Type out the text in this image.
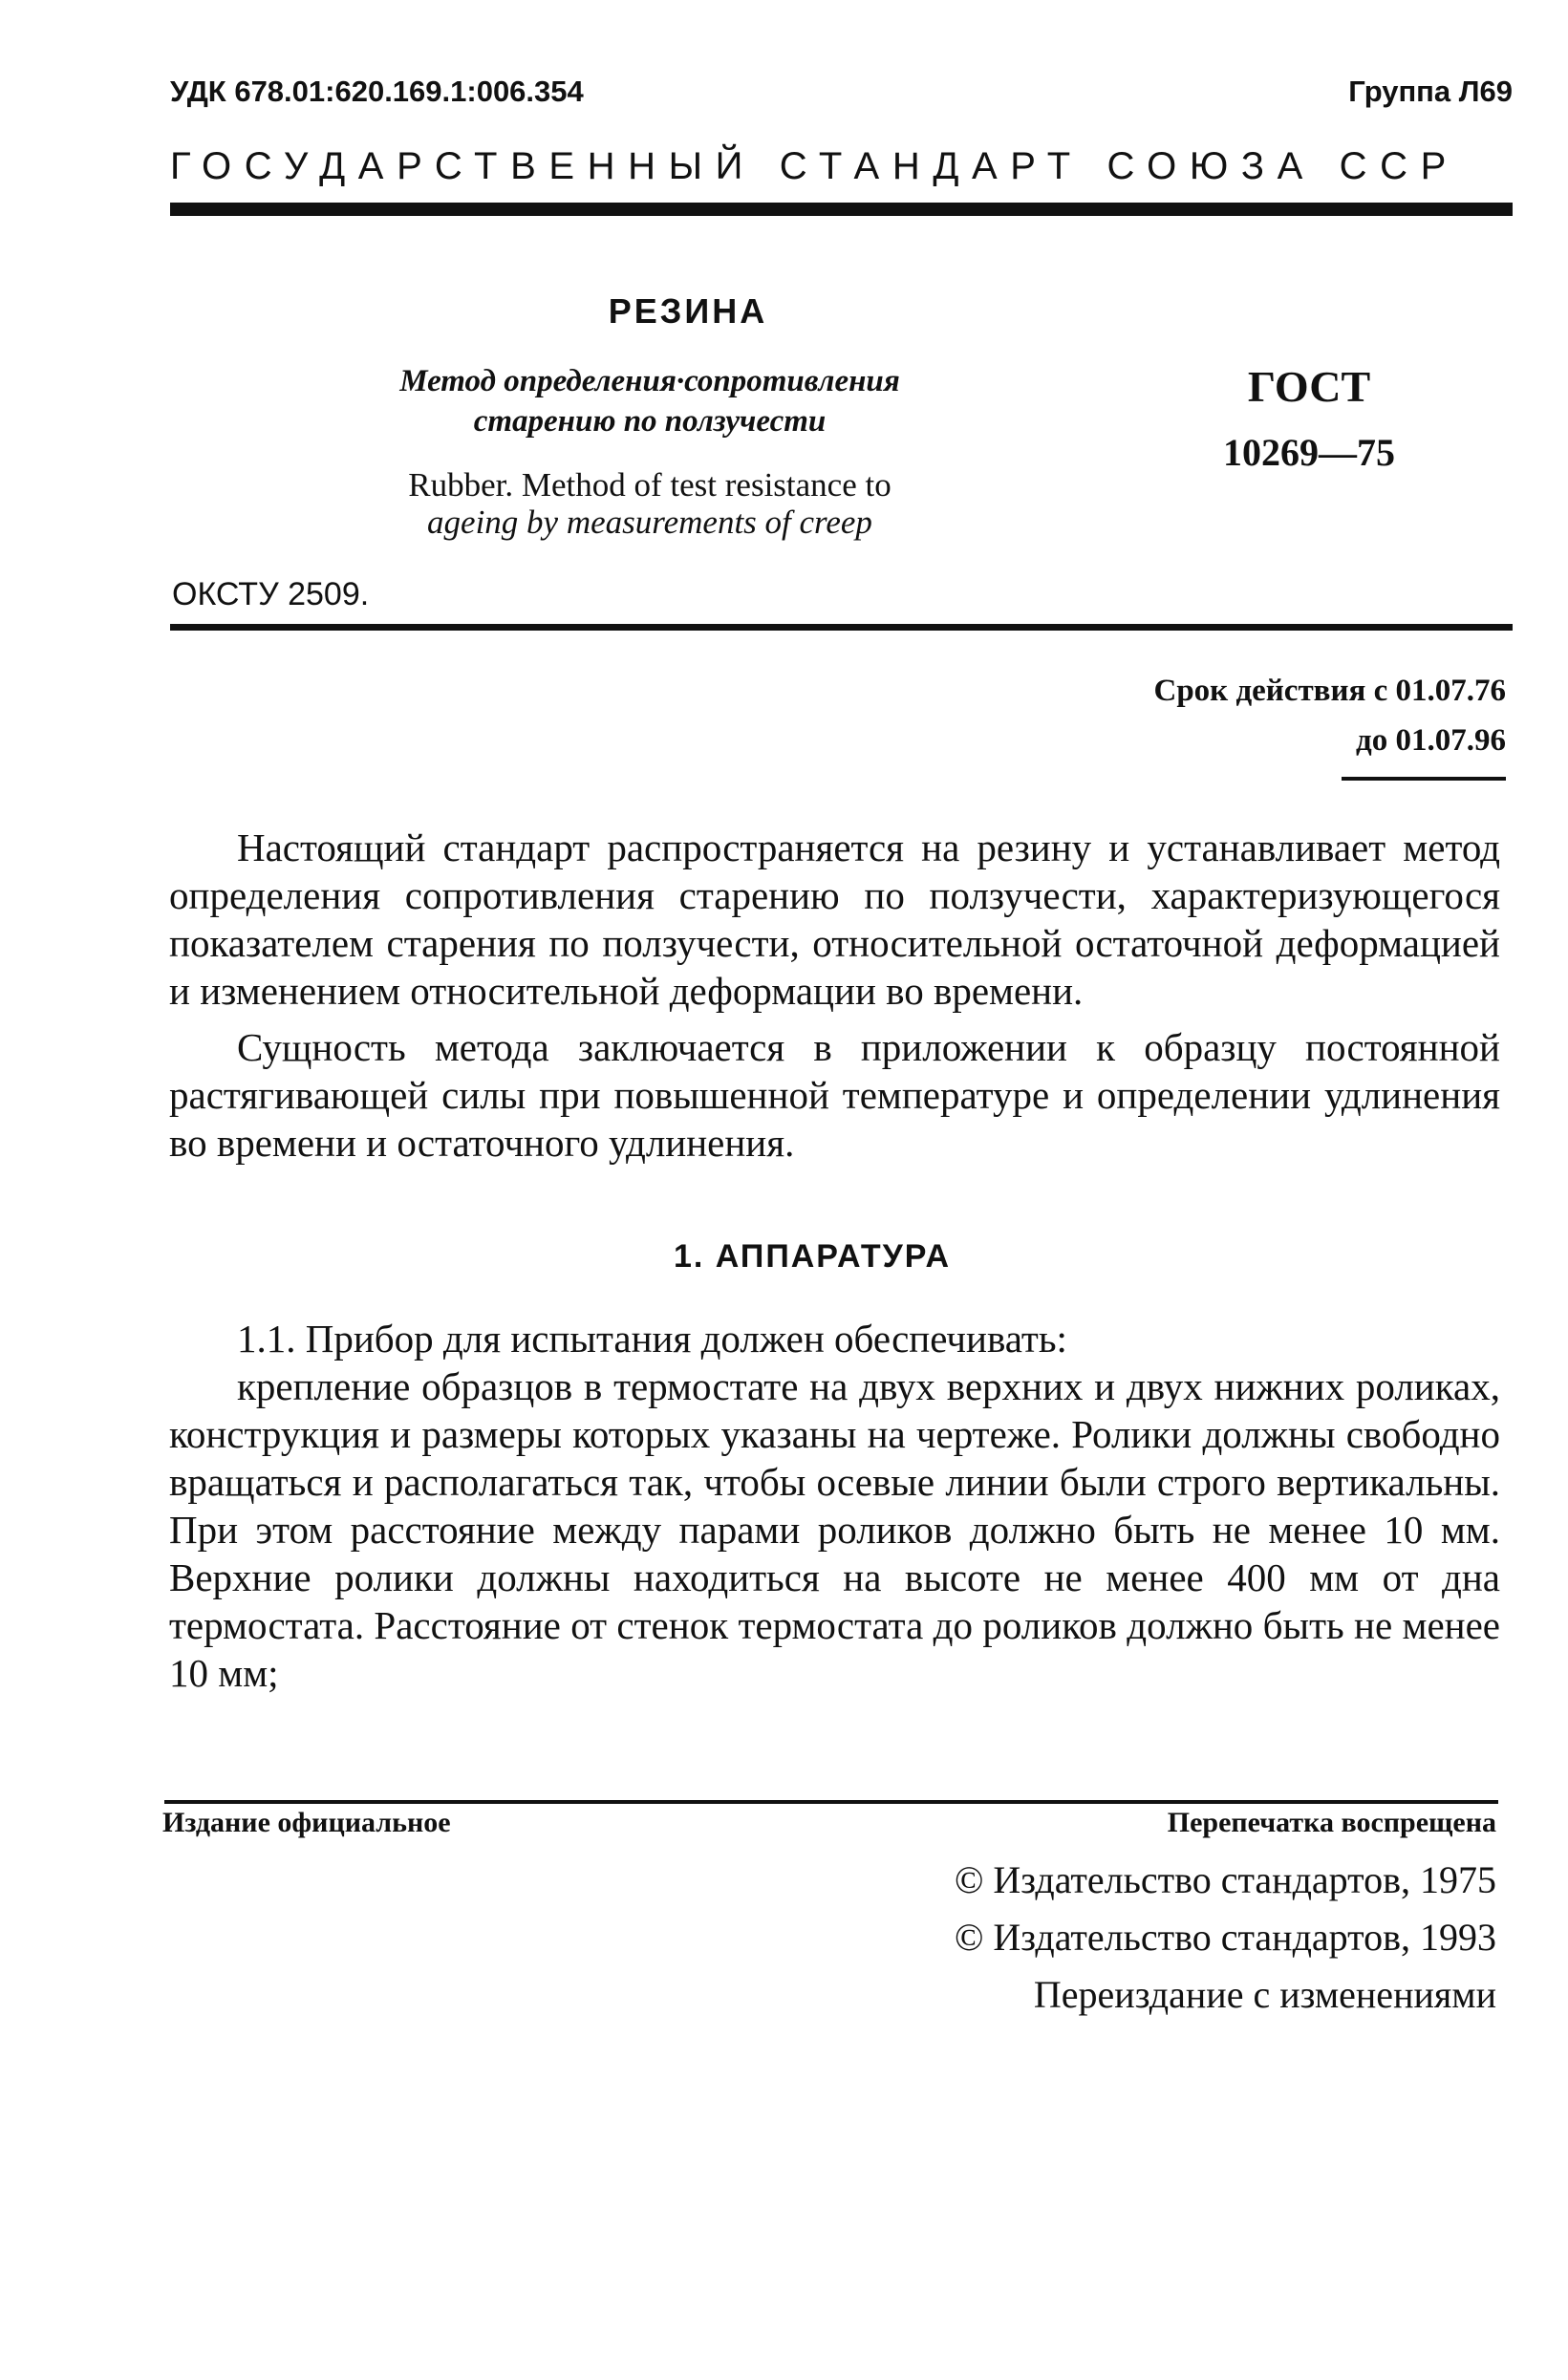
УДК 678.01:620.169.1:006.354	Группа Л69
ГОСУДАРСТВЕННЫЙ СТАНДАРТ СОЮЗА ССР
РЕЗИНА
Метод определения·сопротивления
старению по ползучести
Rubber. Method of test resistance to
ageing by measurements of creep
ГОСТ
10269—75
ОКСТУ 2509.
Срок действия с 01.07.76
до 01.07.96

Настоящий стандарт распространяется на резину и устанавливает метод определения сопротивления старению по ползучести, характеризующегося показателем старения по ползучести, относительной остаточной деформацией и изменением относительной деформации во времени.

Сущность метода заключается в приложении к образцу постоянной растягивающей силы при повышенной температуре и определении удлинения во времени и остаточного удлинения.

1. АППАРАТУРА

1.1. Прибор для испытания должен обеспечивать:

крепление образцов в термостате на двух верхних и двух нижних роликах, конструкция и размеры которых указаны на чертеже. Ролики должны свободно вращаться и располагаться так, чтобы осевые линии были строго вертикальны. При этом расстояние между парами роликов должно быть не менее 10 мм. Верхние ролики должны находиться на высоте не менее 400 мм от дна термостата. Расстояние от стенок термостата до роликов должно быть не менее 10 мм;

Издание официальное	Перепечатка воспрещена
© Издательство стандартов, 1975
© Издательство стандартов, 1993
Переиздание с изменениями
